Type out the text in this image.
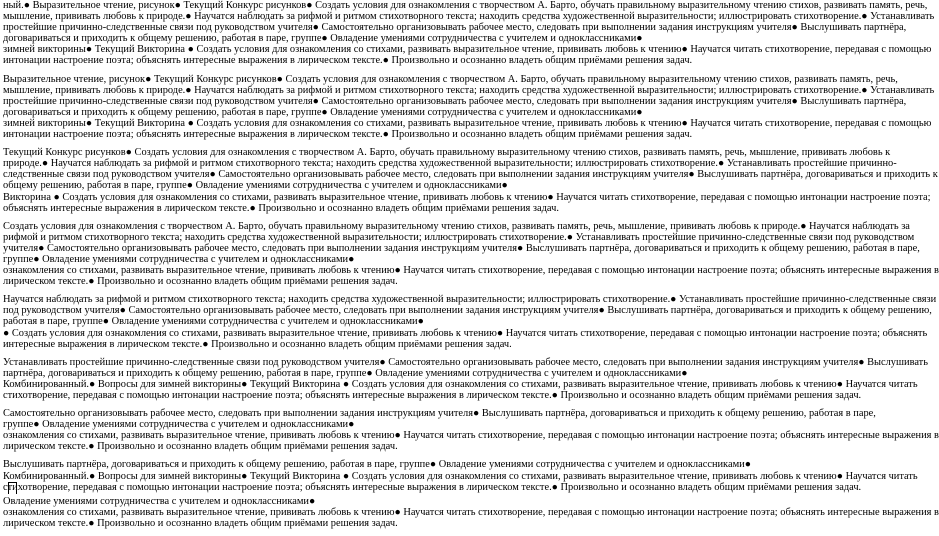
ный.● Выразительное чтение, рисунок● Текущий Конкурс рисунков● Создать условия для ознакомления с творчеством А. Барто, обучать правильному выразительному чтению стихов, развивать память, речь,
мышление, прививать любовь к природе.● Научатся наблюдать за рифмой и ритмом стихотворного текста; находить средства художественной выразительности; иллюстрировать стихотворение.● Устанавливать
простейшие причинно-следственные связи под руководством учителя● Самостоятельно организовывать рабочее место, следовать при выполнении задания инструкциям учителя● Выслушивать партнёра,
договариваться и приходить к общему решению, работая в паре, группе● Овладение умениями сотрудничества с учителем и одноклассниками●
зимней викторины● Текущий Викторина ● Создать условия для ознакомления со стихами, развивать выразительное чтение, прививать любовь к чтению● Научатся читать стихотворение, передавая с помощью
интонации настроение поэта; объяснять интересные выражения в лирическом тексте.● Произвольно и осознанно владеть общим приёмами решения задач.
Выразительное чтение, рисунок● Текущий Конкурс рисунков● Создать условия для ознакомления с творчеством А. Барто, обучать правильному выразительному чтению стихов, развивать память, речь,
мышление, прививать любовь к природе.● Научатся наблюдать за рифмой и ритмом стихотворного текста; находить средства художественной выразительности; иллюстрировать стихотворение.● Устанавливать
простейшие причинно-следственные связи под руководством учителя● Самостоятельно организовывать рабочее место, следовать при выполнении задания инструкциям учителя● Выслушивать партнёра,
договариваться и приходить к общему решению, работая в паре, группе● Овладение умениями сотрудничества с учителем и одноклассниками●
зимней викторины● Текущий Викторина ● Создать условия для ознакомления со стихами, развивать выразительное чтение, прививать любовь к чтению● Научатся читать стихотворение, передавая с помощью
интонации настроение поэта; объяснять интересные выражения в лирическом тексте.● Произвольно и осознанно владеть общим приёмами решения задач.
Текущий Конкурс рисунков● Создать условия для ознакомления с творчеством А. Барто, обучать правильному выразительному чтению стихов, развивать память, речь, мышление, прививать любовь к
природе.● Научатся наблюдать за рифмой и ритмом стихотворного текста; находить средства художественной выразительности; иллюстрировать стихотворение.● Устанавливать простейшие причинно-
следственные связи под руководством учителя● Самостоятельно организовывать рабочее место, следовать при выполнении задания инструкциям учителя● Выслушивать партнёра, договариваться и приходить к
общему решению, работая в паре, группе● Овладение умениями сотрудничества с учителем и одноклассниками●
Викторина ● Создать условия для ознакомления со стихами, развивать выразительное чтение, прививать любовь к чтению● Научатся читать стихотворение, передавая с помощью интонации настроение поэта;
объяснять интересные выражения в лирическом тексте.● Произвольно и осознанно владеть общим приёмами решения задач.
Создать условия для ознакомления с творчеством А. Барто, обучать правильному выразительному чтению стихов, развивать память, речь, мышление, прививать любовь к природе.● Научатся наблюдать за
рифмой и ритмом стихотворного текста; находить средства художественной выразительности; иллюстрировать стихотворение.● Устанавливать простейшие причинно-следственные связи под руководством
учителя● Самостоятельно организовывать рабочее место, следовать при выполнении задания инструкциям учителя● Выслушивать партнёра, договариваться и приходить к общему решению, работая в паре,
группе● Овладение умениями сотрудничества с учителем и одноклассниками●
ознакомления со стихами, развивать выразительное чтение, прививать любовь к чтению● Научатся читать стихотворение, передавая с помощью интонации настроение поэта; объяснять интересные выражения в
лирическом тексте.● Произвольно и осознанно владеть общим приёмами решения задач.
Научатся наблюдать за рифмой и ритмом стихотворного текста; находить средства художественной выразительности; иллюстрировать стихотворение.● Устанавливать простейшие причинно-следственные связи
под руководством учителя● Самостоятельно организовывать рабочее место, следовать при выполнении задания инструкциям учителя● Выслушивать партнёра, договариваться и приходить к общему решению,
работая в паре, группе● Овладение умениями сотрудничества с учителем и одноклассниками●
● Создать условия для ознакомления со стихами, развивать выразительное чтение, прививать любовь к чтению● Научатся читать стихотворение, передавая с помощью интонации настроение поэта; объяснять
интересные выражения в лирическом тексте.● Произвольно и осознанно владеть общим приёмами решения задач.
Устанавливать простейшие причинно-следственные связи под руководством учителя● Самостоятельно организовывать рабочее место, следовать при выполнении задания инструкциям учителя● Выслушивать
партнёра, договариваться и приходить к общему решению, работая в паре, группе● Овладение умениями сотрудничества с учителем и одноклассниками●
Комбинированный.● Вопросы для зимней викторины● Текущий Викторина ● Создать условия для ознакомления со стихами, развивать выразительное чтение, прививать любовь к чтению● Научатся читать
стихотворение, передавая с помощью интонации настроение поэта; объяснять интересные выражения в лирическом тексте.● Произвольно и осознанно владеть общим приёмами решения задач.
Самостоятельно организовывать рабочее место, следовать при выполнении задания инструкциям учителя● Выслушивать партнёра, договариваться и приходить к общему решению, работая в паре,
группе● Овладение умениями сотрудничества с учителем и одноклассниками●
ознакомления со стихами, развивать выразительное чтение, прививать любовь к чтению● Научатся читать стихотворение, передавая с помощью интонации настроение поэта; объяснять интересные выражения в
лирическом тексте.● Произвольно и осознанно владеть общим приёмами решения задач.
Выслушивать партнёра, договариваться и приходить к общему решению, работая в паре, группе● Овладение умениями сотрудничества с учителем и одноклассниками●
Комбинированный.● Вопросы для зимней викторины● Текущий Викторина ● Создать условия для ознакомления со стихами, развивать выразительное чтение, прививать любовь к чтению● Научатся читать
стихотворение, передавая с помощью интонации настроение поэта; объяснять интересные выражения в лирическом тексте.● Произвольно и осознанно владеть общим приёмами решения задач.
Овладение умениями сотрудничества с учителем и одноклассниками●
ознакомления со стихами, развивать выразительное чтение, прививать любовь к чтению● Научатся читать стихотворение, передавая с помощью интонации настроение поэта; объяснять интересные выражения в
лирическом тексте.● Произвольно и осознанно владеть общим приёмами решения задач.
